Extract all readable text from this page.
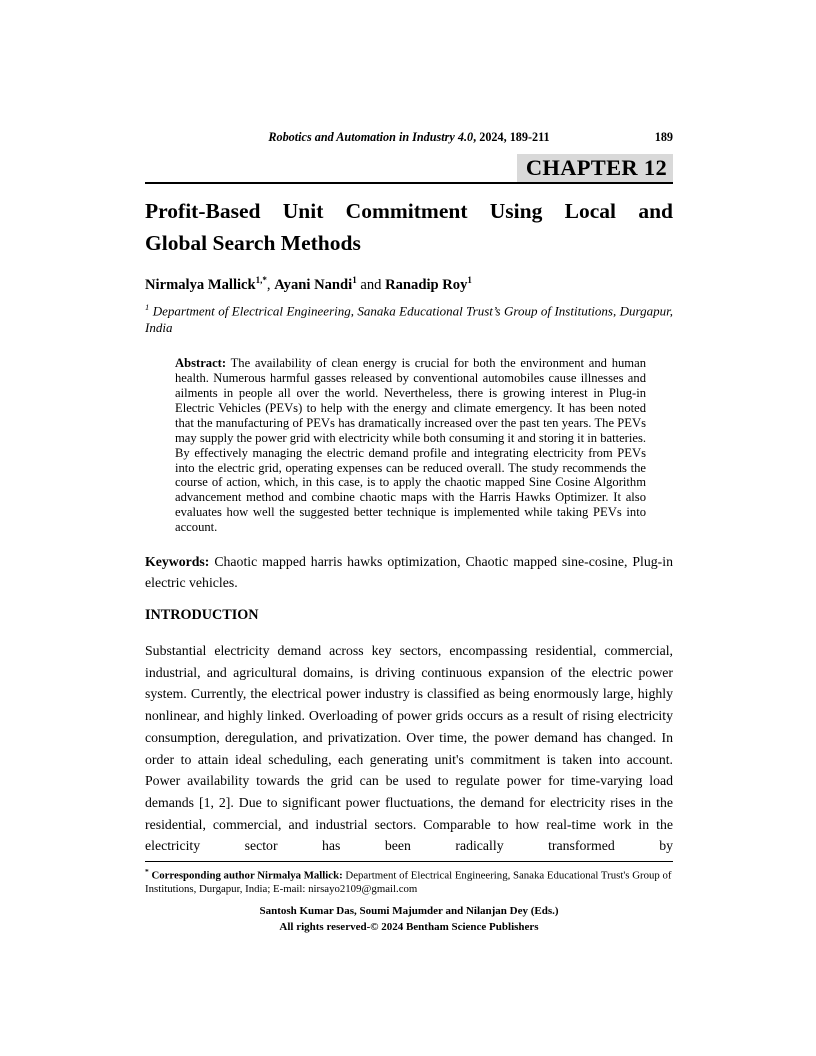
Robotics and Automation in Industry 4.0, 2024, 189-211	189
CHAPTER 12
Profit-Based Unit Commitment Using Local and
Global Search Methods
Nirmalya Mallick$^{1,*}$, Ayani Nandi$^1$ and Ranadip Roy$^1$
$^1$ Department of Electrical Engineering, Sanaka Educational Trust’s Group of Institutions, Durgapur, India
Abstract: The availability of clean energy is crucial for both the environment and human health. Numerous harmful gasses released by conventional automobiles cause illnesses and ailments in people all over the world. Nevertheless, there is growing interest in Plug-in Electric Vehicles (PEVs) to help with the energy and climate emergency. It has been noted that the manufacturing of PEVs has dramatically increased over the past ten years. The PEVs may supply the power grid with electricity while both consuming it and storing it in batteries. By effectively managing the electric demand profile and integrating electricity from PEVs into the electric grid, operating expenses can be reduced overall. The study recommends the course of action, which, in this case, is to apply the chaotic mapped Sine Cosine Algorithm advancement method and combine chaotic maps with the Harris Hawks Optimizer. It also evaluates how well the suggested better technique is implemented while taking PEVs into account.
Keywords: Chaotic mapped harris hawks optimization, Chaotic mapped sine-cosine, Plug-in electric vehicles.
INTRODUCTION
Substantial electricity demand across key sectors, encompassing residential, commercial, industrial, and agricultural domains, is driving continuous expansion of the electric power system. Currently, the electrical power industry is classified as being enormously large, highly nonlinear, and highly linked. Overloading of power grids occurs as a result of rising electricity consumption, deregulation, and privatization. Over time, the power demand has changed. In order to attain ideal scheduling, each generating unit's commitment is taken into account. Power availability towards the grid can be used to regulate power for time-varying load demands [1, 2]. Due to significant power fluctuations, the demand for electricity rises in the residential, commercial, and industrial sectors. Comparable to how real-time work in the electricity sector has been radically transformed by
* Corresponding author Nirmalya Mallick: Department of Electrical Engineering, Sanaka Educational Trust's Group of Institutions, Durgapur, India; E-mail: nirsayo2109@gmail.com
Santosh Kumar Das, Soumi Majumder and Nilanjan Dey (Eds.)
All rights reserved-© 2024 Bentham Science Publishers
